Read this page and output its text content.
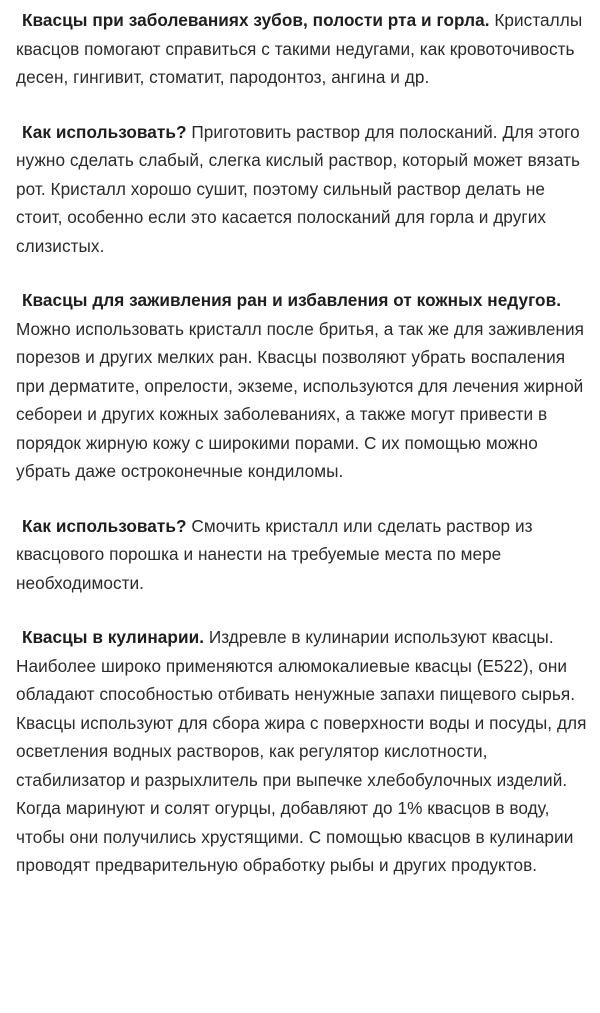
Квасцы при заболеваниях зубов, полости рта и горла. Кристаллы квасцов помогают справиться с такими недугами, как кровоточивость десен, гингивит, стоматит, пародонтоз, ангина и др.

Как использовать? Приготовить раствор для полосканий. Для этого нужно сделать слабый, слегка кислый раствор, который может вязать рот. Кристалл хорошо сушит, поэтому сильный раствор делать не стоит, особенно если это касается полосканий для горла и других слизистых.

Квасцы для заживления ран и избавления от кожных недугов. Можно использовать кристалл после бритья, а так же для заживления порезов и других мелких ран. Квасцы позволяют убрать воспаления при дерматите, опрелости, экземе, используются для лечения жирной себореи и других кожных заболеваниях, а также могут привести в порядок жирную кожу с широкими порами. С их помощью можно убрать даже остроконечные кондиломы.

Как использовать? Смочить кристалл или сделать раствор из квасцового порошка и нанести на требуемые места по мере необходимости.

Квасцы в кулинарии. Издревле в кулинарии используют квасцы. Наиболее широко применяются алюмокалиевые квасцы (Е522), они обладают способностью отбивать ненужные запахи пищевого сырья. Квасцы используют для сбора жира с поверхности воды и посуды, для осветления водных растворов, как регулятор кислотности, стабилизатор и разрыхлитель при выпечке хлебобулочных изделий. Когда маринуют и солят огурцы, добавляют до 1% квасцов в воду, чтобы они получились хрустящими. С помощью квасцов в кулинарии проводят предварительную обработку рыбы и других продуктов.
